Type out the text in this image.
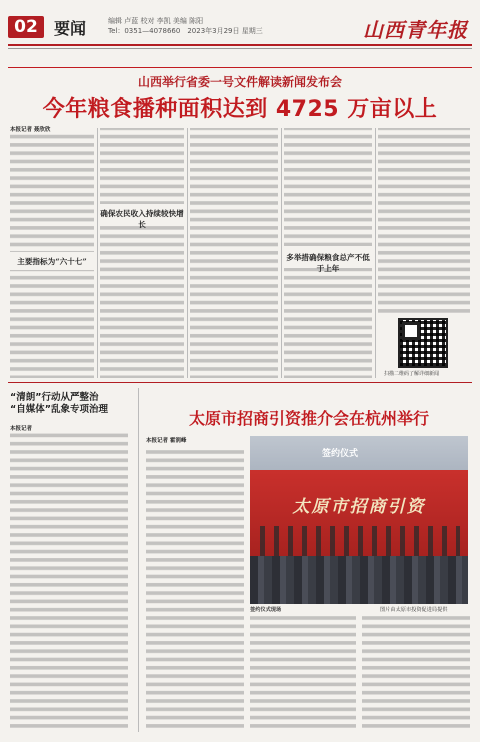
02	要闻	编辑 卢蓝 校对 李凯 美编 陈阳
Tel：0351—4078660　2023年3月29日 星期三	山西青年报
山西举行省委一号文件解读新闻发布会
今年粮食播种面积达到 4725 万亩以上
本报记者 聂欣欣

主要指标为“六十七”
确保农民收入持续较快增长
多举措确保粮食总产不低于上年
扫描二维码了解详细新闻
“清朗”行动从严整治
“自媒体”乱象专项治理
本报记者
太原市招商引资推介会在杭州举行
本报记者 霍润峰
签约仪式
太原市招商引资
签约仪式现场	图片由太原市投资促进局提供
